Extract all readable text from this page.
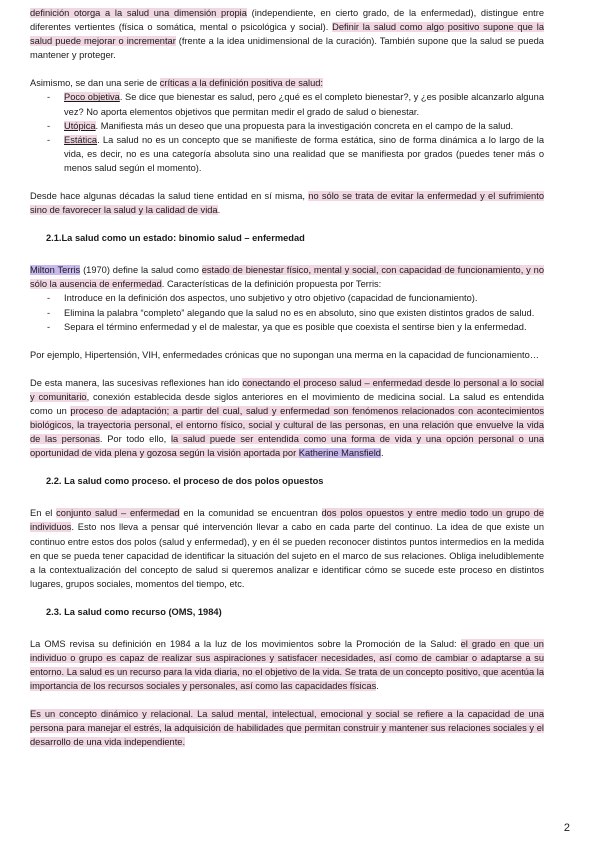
definición otorga a la salud una dimensión propia (independiente, en cierto grado, de la enfermedad), distingue entre diferentes vertientes (física o somática, mental o psicológica y social). Definir la salud como algo positivo supone que la salud puede mejorar o incrementar (frente a la idea unidimensional de la curación). También supone que la salud se pueda mantener y proteger.

Asimismo, se dan una serie de críticas a la definición positiva de salud:

- Poco objetiva. Se dice que bienestar es salud, pero ¿qué es el completo bienestar?, y ¿es posible alcanzarlo alguna vez? No aporta elementos objetivos que permitan medir el grado de salud o bienestar.
- Utópica. Manifiesta más un deseo que una propuesta para la investigación concreta en el campo de la salud.
- Estática. La salud no es un concepto que se manifieste de forma estática, sino de forma dinámica a lo largo de la vida, es decir, no es una categoría absoluta sino una realidad que se manifiesta por grados (puedes tener más o menos salud según el momento).

Desde hace algunas décadas la salud tiene entidad en sí misma, no sólo se trata de evitar la enfermedad y el sufrimiento sino de favorecer la salud y la calidad de vida.

2.1.La salud como un estado: binomio salud – enfermedad

Milton Terris (1970) define la salud como estado de bienestar físico, mental y social, con capacidad de funcionamiento, y no sólo la ausencia de enfermedad. Características de la definición propuesta por Terris:

- Introduce en la definición dos aspectos, uno subjetivo y otro objetivo (capacidad de funcionamiento).
- Elimina la palabra “completo” alegando que la salud no es en absoluto, sino que existen distintos grados de salud.
- Separa el término enfermedad y el de malestar, ya que es posible que coexista el sentirse bien y la enfermedad.

Por ejemplo, Hipertensión, VIH, enfermedades crónicas que no supongan una merma en la capacidad de funcionamiento…

De esta manera, las sucesivas reflexiones han ido conectando el proceso salud – enfermedad desde lo personal a lo social y comunitario, conexión establecida desde siglos anteriores en el movimiento de medicina social. La salud es entendida como un proceso de adaptación; a partir del cual, salud y enfermedad son fenómenos relacionados con acontecimientos biológicos, la trayectoria personal, el entorno físico, social y cultural de las personas, en una relación que envuelve la vida de las personas. Por todo ello, la salud puede ser entendida como una forma de vida y una opción personal o una oportunidad de vida plena y gozosa según la visión aportada por Katherine Mansfield.

2.2. La salud como proceso. el proceso de dos polos opuestos

En el conjunto salud – enfermedad en la comunidad se encuentran dos polos opuestos y entre medio todo un grupo de individuos. Esto nos lleva a pensar qué intervención llevar a cabo en cada parte del continuo. La idea de que existe un continuo entre estos dos polos (salud y enfermedad), y en él se pueden reconocer distintos puntos intermedios en la medida en que se pueda tener capacidad de identificar la situación del sujeto en el marco de sus relaciones. Obliga ineludiblemente a la contextualización del concepto de salud si queremos analizar e identificar cómo se sucede este proceso en distintos lugares, grupos sociales, momentos del tiempo, etc.

2.3. La salud como recurso (OMS, 1984)

La OMS revisa su definición en 1984 a la luz de los movimientos sobre la Promoción de la Salud: el grado en que un individuo o grupo es capaz de realizar sus aspiraciones y satisfacer necesidades, así como de cambiar o adaptarse a su entorno. La salud es un recurso para la vida diaria, no el objetivo de la vida. Se trata de un concepto positivo, que acentúa la importancia de los recursos sociales y personales, así como las capacidades físicas.

Es un concepto dinámico y relacional. La salud mental, intelectual, emocional y social se refiere a la capacidad de una persona para manejar el estrés, la adquisición de habilidades que permitan construir y mantener sus relaciones sociales y el desarrollo de una vida independiente.

2
